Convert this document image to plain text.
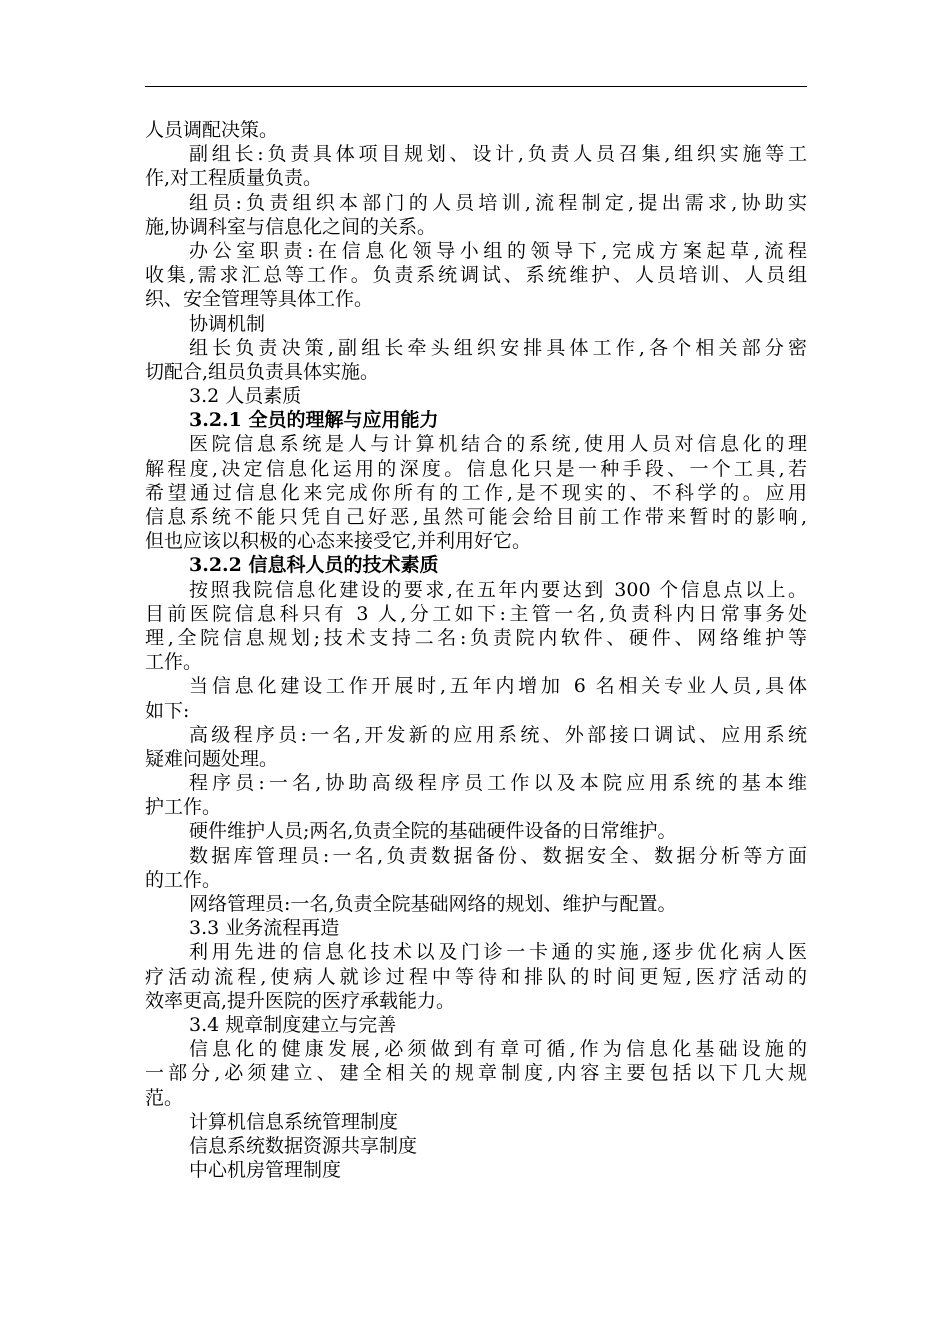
人员调配决策。
副组长:负责具体项目规划、设计,负责人员召集,组织实施等工
作,对工程质量负责。
组员:负责组织本部门的人员培训,流程制定,提出需求,协助实
施,协调科室与信息化之间的关系。
办公室职责:在信息化领导小组的领导下,完成方案起草,流程
收集,需求汇总等工作。负责系统调试、系统维护、人员培训、人员组
织、安全管理等具体工作。
协调机制
组长负责决策,副组长牵头组织安排具体工作,各个相关部分密
切配合,组员负责具体实施。
3.2 人员素质
3.2.1 全员的理解与应用能力
医院信息系统是人与计算机结合的系统,使用人员对信息化的理
解程度,决定信息化运用的深度。信息化只是一种手段、一个工具,若
希望通过信息化来完成你所有的工作,是不现实的、不科学的。应用
信息系统不能只凭自己好恶,虽然可能会给目前工作带来暂时的影响,
但也应该以积极的心态来接受它,并利用好它。
3.2.2 信息科人员的技术素质
按照我院信息化建设的要求,在五年内要达到 300 个信息点以上。
目前医院信息科只有 3 人,分工如下:主管一名,负责科内日常事务处
理,全院信息规划;技术支持二名:负责院内软件、硬件、网络维护等
工作。
当信息化建设工作开展时,五年内增加 6 名相关专业人员,具体
如下:
高级程序员:一名,开发新的应用系统、外部接口调试、应用系统
疑难问题处理。
程序员:一名,协助高级程序员工作以及本院应用系统的基本维
护工作。
硬件维护人员;两名,负责全院的基础硬件设备的日常维护。
数据库管理员:一名,负责数据备份、数据安全、数据分析等方面
的工作。
网络管理员:一名,负责全院基础网络的规划、维护与配置。
3.3 业务流程再造
利用先进的信息化技术以及门诊一卡通的实施,逐步优化病人医
疗活动流程,使病人就诊过程中等待和排队的时间更短,医疗活动的
效率更高,提升医院的医疗承载能力。
3.4 规章制度建立与完善
信息化的健康发展,必须做到有章可循,作为信息化基础设施的
一部分,必须建立、建全相关的规章制度,内容主要包括以下几大规
范。
计算机信息系统管理制度
信息系统数据资源共享制度
中心机房管理制度
